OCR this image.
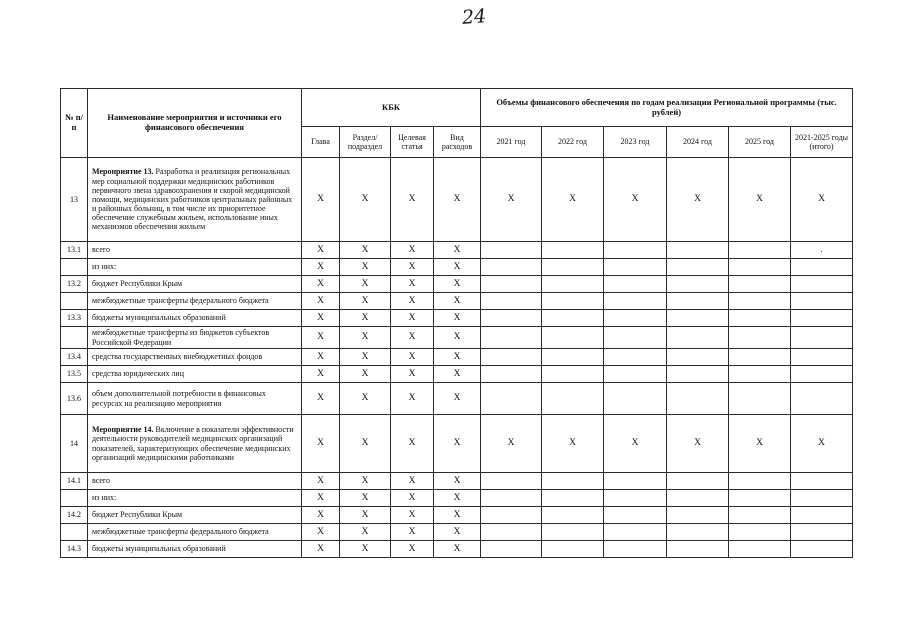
24
№ п/п	Наименование мероприятия и источники его финансового обеспечения	КБК				Объемы финансового обеспечения по годам реализации Региональной программы (тыс. рублей)					
		Глава	Раздел/ подраздел	Целевая статья	Вид расходов	2021 год	2022 год	2023 год	2024 год	2025 год	2021-2025 годы (итого)
13	Мероприятие 13. Разработка и реализация региональных мер социальной поддержки медицинских работников первичного звена здравоохранения и скорой медицинской помощи, медицинских работников центральных районных и районных больниц, в том числе их приоритетное обеспечение служебным жильем, использование иных механизмов обеспечения жильем	X	X	X	X	X	X	X	X	X	X
13.1	всего	X	X	X	X						.
	из них:	X	X	X	X						
13.2	бюджет Республики Крым	X	X	X	X						
	межбюджетные трансферты федерального бюджета	X	X	X	X						
13.3	бюджеты муниципальных образований	X	X	X	X						
	межбюджетные трансферты из бюджетов субъектов Российской Федерации	X	X	X	X						
13.4	средства государственных внебюджетных фондов	X	X	X	X						
13.5	средства юридических лиц	X	X	X	X						
13.6	объем дополнительной потребности в финансовых ресурсах на реализацию мероприятия	X	X	X	X						
14	Мероприятие 14. Включение в показатели эффективности деятельности руководителей медицинских организаций показателей, характеризующих обеспечение медицинских организаций медицинскими работниками	X	X	X	X	X	X	X	X	X	X
14.1	всего	X	X	X	X						
	из них:	X	X	X	X						
14.2	бюджет Республики Крым	X	X	X	X						
	межбюджетные трансферты федерального бюджета	X	X	X	X						
14.3	бюджеты муниципальных образований	X	X	X	X						
